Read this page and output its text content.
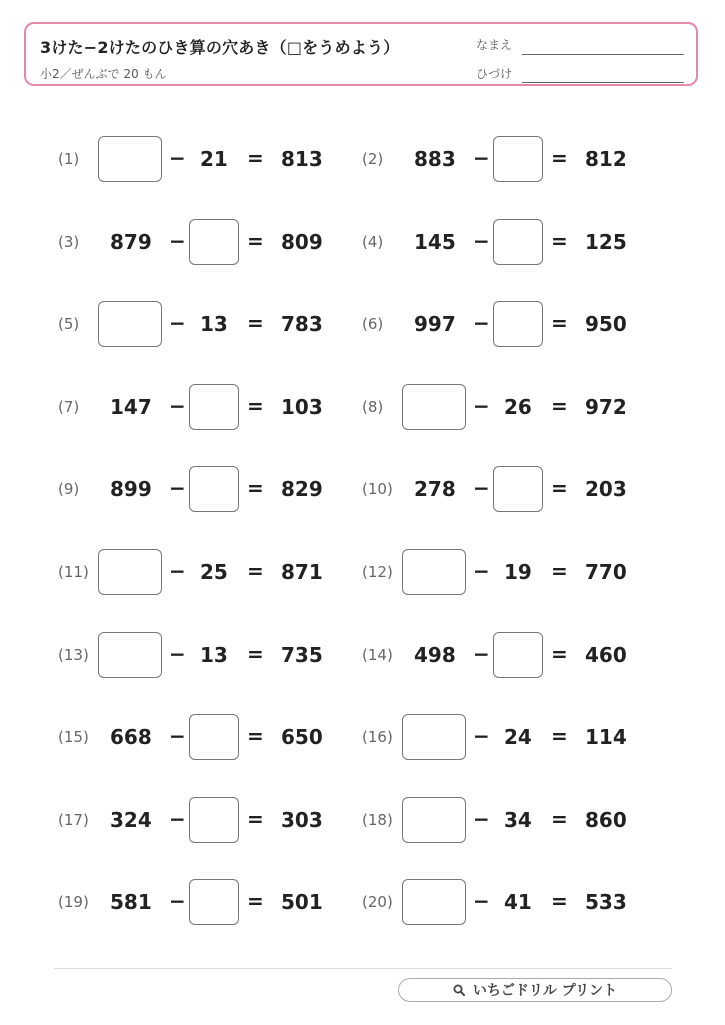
3けた−2けたのひき算の穴あき（□をうめよう）
小2／ぜんぶで 20 もん
なまえ
ひづけ
(1)	− 21 = 813	(2) 883 −	= 812
(3) 879 −	= 809	(4) 145 −	= 125
(5)	− 13 = 783	(6) 997 −	= 950
(7) 147 −	= 103	(8)	− 26 = 972
(9) 899 −	= 829	(10) 278 −	= 203
(11)	− 25 = 871	(12)	− 19 = 770
(13)	− 13 = 735	(14) 498 −	= 460
(15) 668 −	= 650	(16)	− 24 = 114
(17) 324 −	= 303	(18)	− 34 = 860
(19) 581 −	= 501	(20)	− 41 = 533
いちごドリル プリント
